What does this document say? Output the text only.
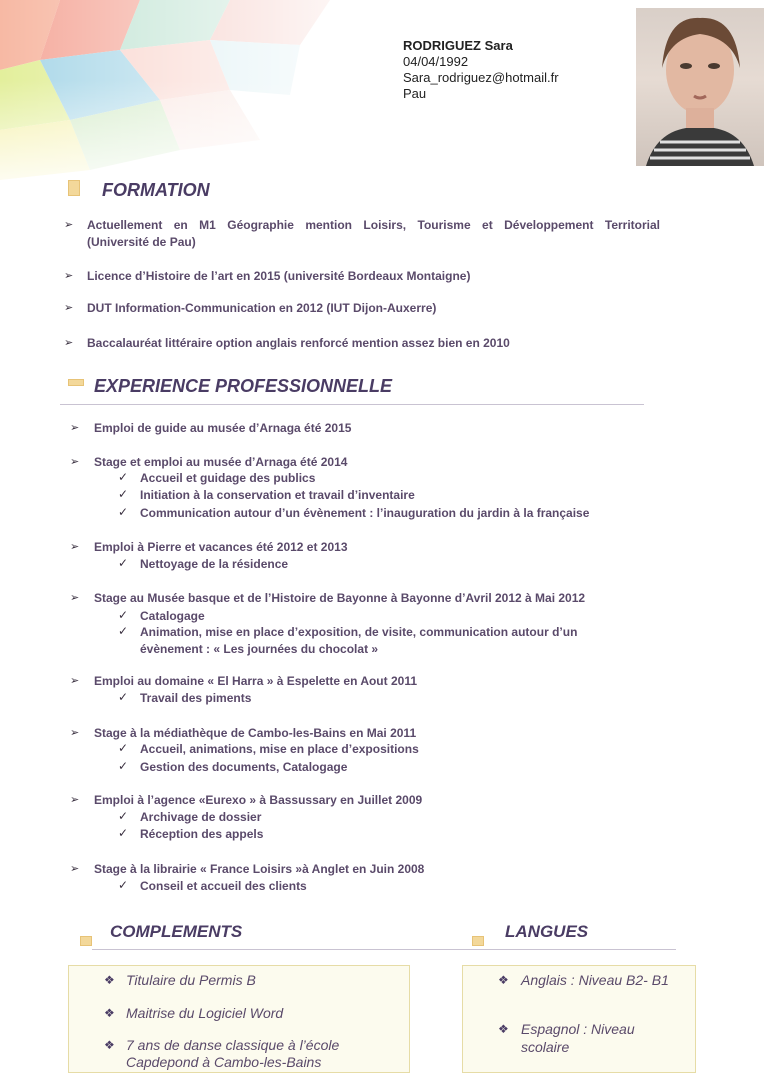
RODRIGUEZ Sara
04/04/1992
Sara_rodriguez@hotmail.fr
Pau
FORMATION
➢ Actuellement en M1 Géographie mention Loisirs, Tourisme et Développement Territorial
(Université de Pau)
➢ Licence d’Histoire de l’art en 2015 (université Bordeaux Montaigne)
➢ DUT Information-Communication en 2012 (IUT Dijon-Auxerre)
➢ Baccalauréat littéraire option anglais renforcé mention assez bien en 2010
EXPERIENCE PROFESSIONNELLE
➢ Emploi de guide au musée d’Arnaga été 2015
➢ Stage et emploi au musée d’Arnaga été 2014
✓ Accueil et guidage des publics
✓ Initiation à la conservation et travail d’inventaire
✓ Communication autour d’un évènement : l’inauguration du jardin à la française
➢ Emploi à Pierre et vacances été 2012 et 2013
✓ Nettoyage de la résidence
➢ Stage au Musée basque et de l’Histoire de Bayonne à Bayonne d’Avril 2012 à Mai 2012
✓ Catalogage
✓ Animation, mise en place d’exposition, de visite, communication autour d’un
évènement : « Les journées du chocolat »
➢ Emploi au domaine « El Harra » à Espelette en Aout 2011
✓ Travail des piments
➢ Stage à la médiathèque de Cambo-les-Bains en Mai 2011
✓ Accueil, animations, mise en place d’expositions
✓ Gestion des documents, Catalogage
➢ Emploi à l’agence «Eurexo » à Bassussary en Juillet 2009
✓ Archivage de dossier
✓ Réception des appels
➢ Stage à la librairie « France Loisirs »à Anglet en Juin 2008
✓ Conseil et accueil des clients
COMPLEMENTS	LANGUES
❖ Titulaire du Permis B
❖ Maitrise du Logiciel Word
❖ 7 ans de danse classique à l’école
Capdepond à Cambo-les-Bains
❖ Anglais : Niveau B2- B1
❖ Espagnol : Niveau
scolaire
